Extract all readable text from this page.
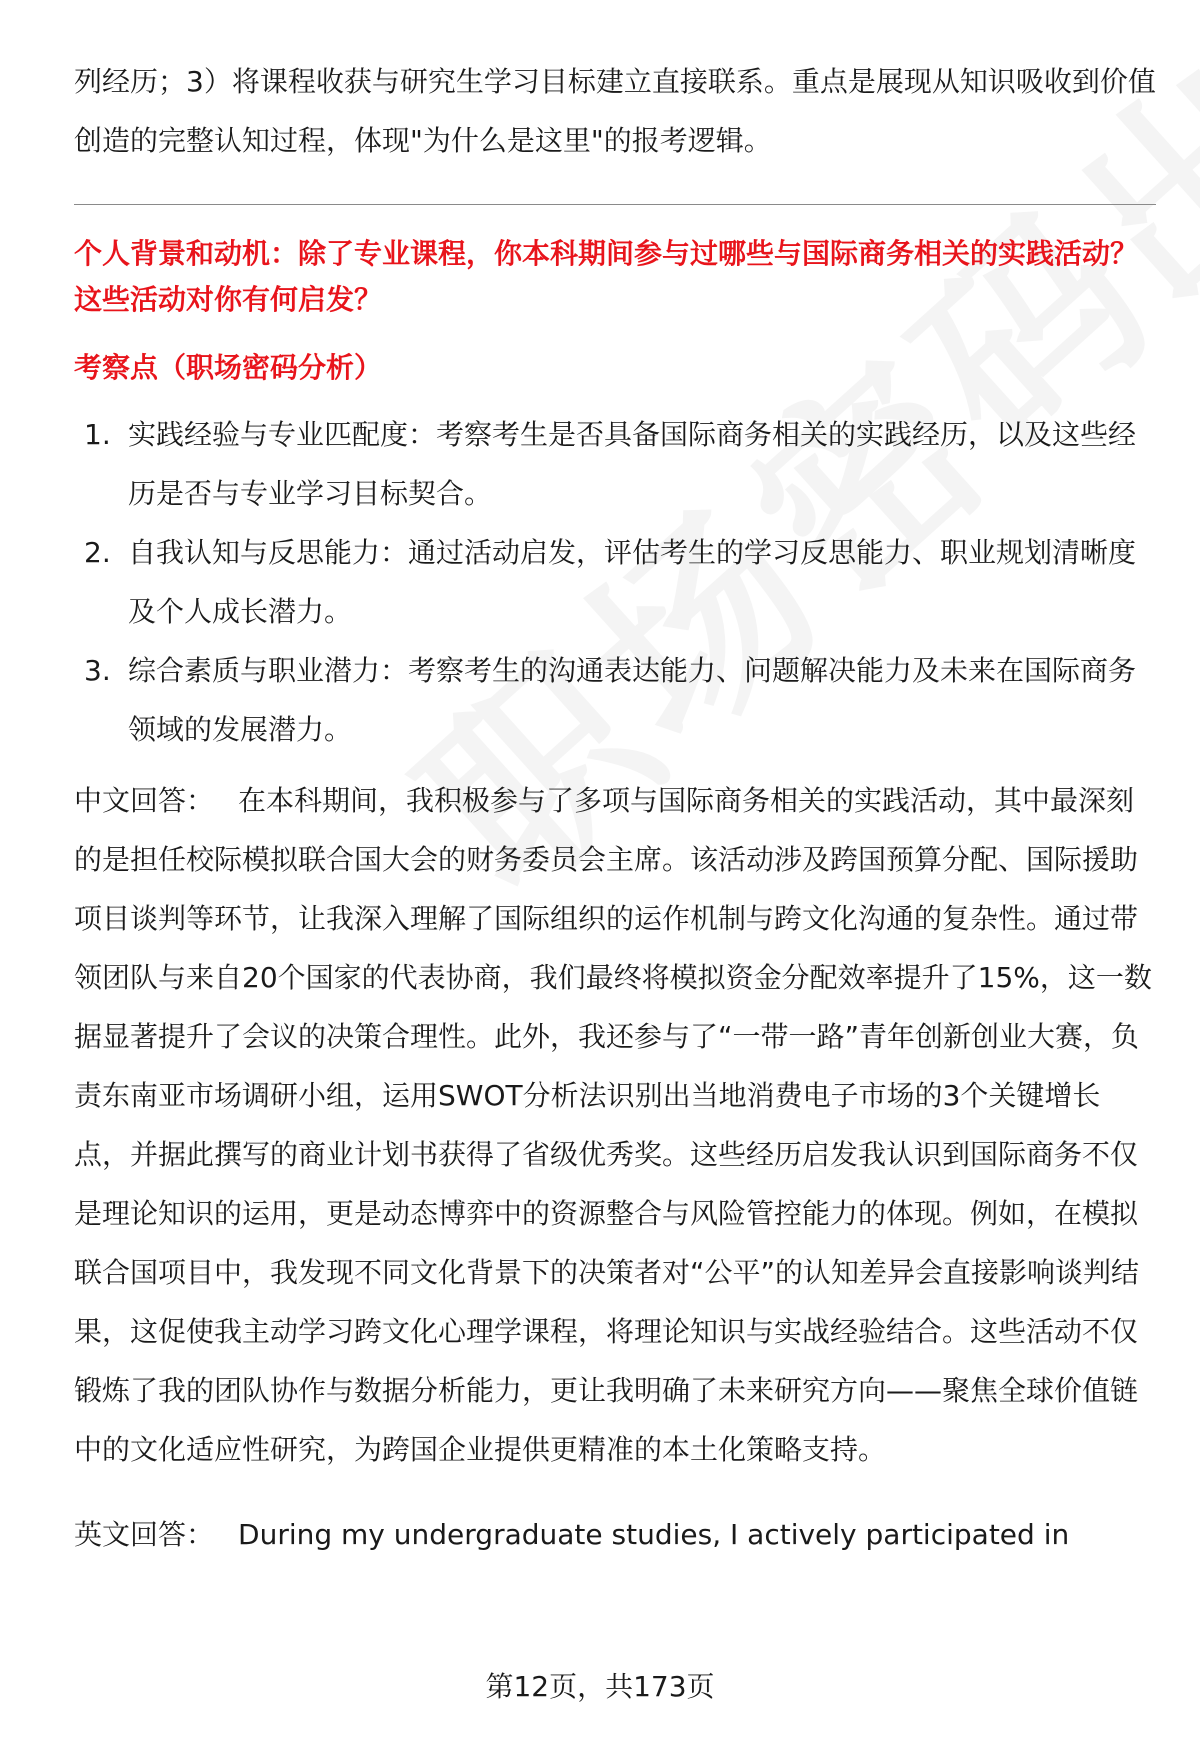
列经历；3）将课程收获与研究生学习目标建立直接联系。重点是展现从知识吸收到价值创造的完整认知过程，体现"为什么是这里"的报考逻辑。

个人背景和动机：除了专业课程，你本科期间参与过哪些与国际商务相关的实践活动？这些活动对你有何启发？

考察点（职场密码分析）

1. 实践经验与专业匹配度：考察考生是否具备国际商务相关的实践经历，以及这些经历是否与专业学习目标契合。
2. 自我认知与反思能力：通过活动启发，评估考生的学习反思能力、职业规划清晰度及个人成长潜力。
3. 综合素质与职业潜力：考察考生的沟通表达能力、问题解决能力及未来在国际商务领域的发展潜力。

中文回答： 在本科期间，我积极参与了多项与国际商务相关的实践活动，其中最深刻的是担任校际模拟联合国大会的财务委员会主席。该活动涉及跨国预算分配、国际援助项目谈判等环节，让我深入理解了国际组织的运作机制与跨文化沟通的复杂性。通过带领团队与来自20个国家的代表协商，我们最终将模拟资金分配效率提升了15%，这一数据显著提升了会议的决策合理性。此外，我还参与了“一带一路”青年创新创业大赛，负责东南亚市场调研小组，运用SWOT分析法识别出当地消费电子市场的3个关键增长点，并据此撰写的商业计划书获得了省级优秀奖。这些经历启发我认识到国际商务不仅是理论知识的运用，更是动态博弈中的资源整合与风险管控能力的体现。例如，在模拟联合国项目中，我发现不同文化背景下的决策者对“公平”的认知差异会直接影响谈判结果，这促使我主动学习跨文化心理学课程，将理论知识与实战经验结合。这些活动不仅锻炼了我的团队协作与数据分析能力，更让我明确了未来研究方向——聚焦全球价值链中的文化适应性研究，为跨国企业提供更精准的本土化策略支持。

英文回答： During my undergraduate studies, I actively participated in

第12页，共173页
